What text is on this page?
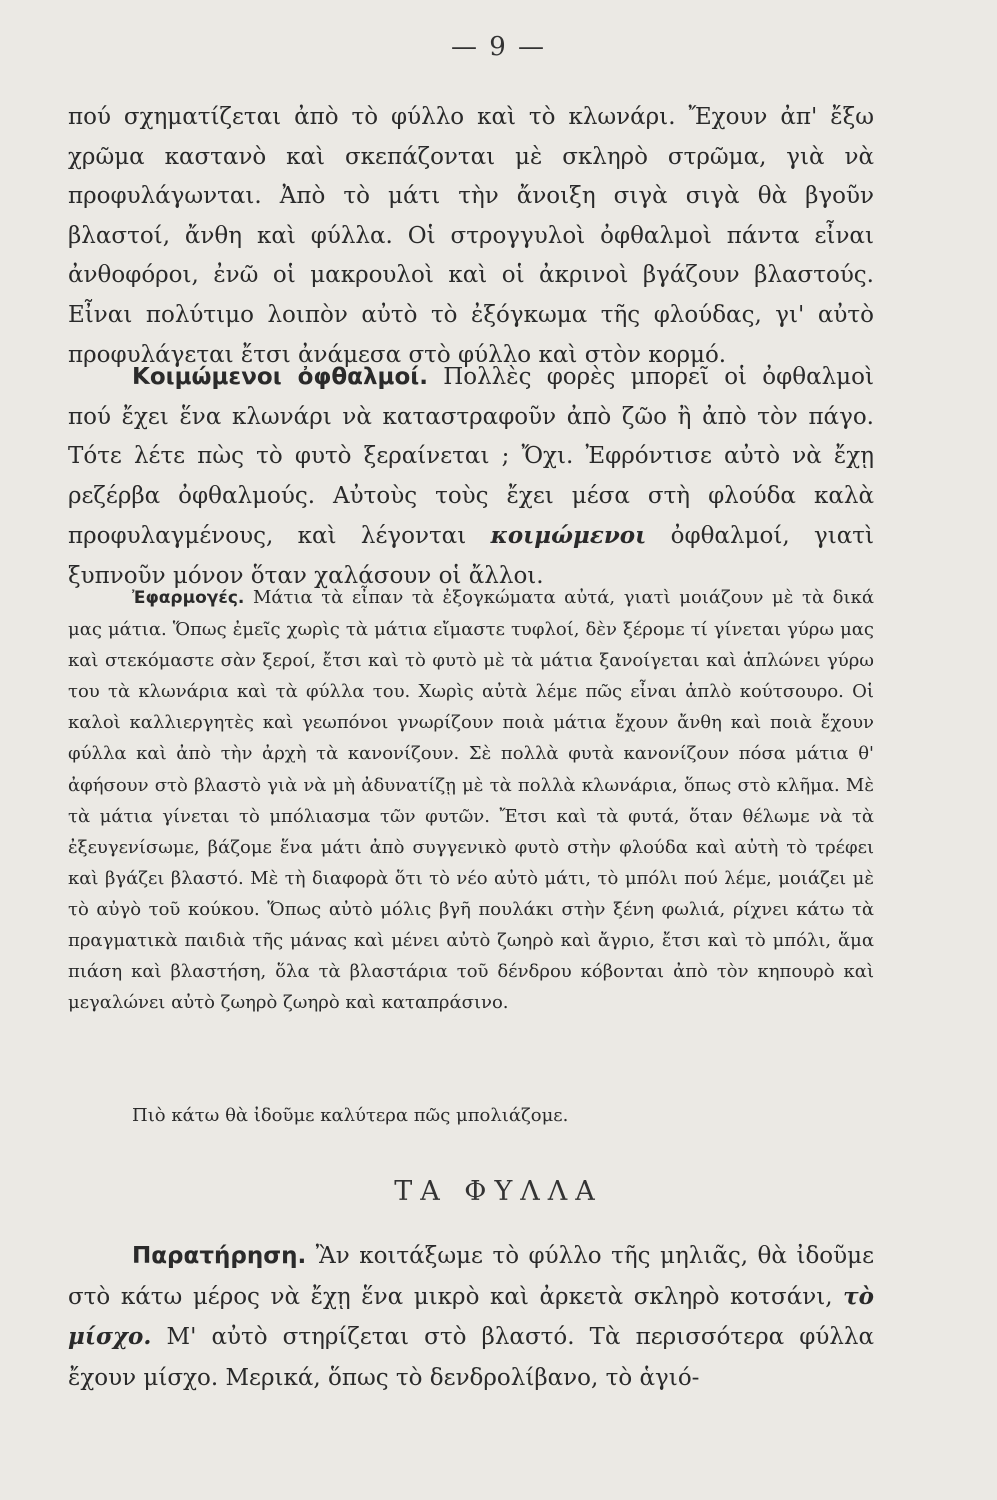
— 9 —
πού σχηματίζεται ἀπὸ τὸ φύλλο καὶ τὸ κλωνάρι. Ἔχουν ἀπ' ἔξω χρῶμα καστανὸ καὶ σκεπάζονται μὲ σκληρὸ στρῶμα, γιὰ νὰ προφυλάγωνται. Ἀπὸ τὸ μάτι τὴν ἄνοιξη σιγὰ σιγὰ θὰ βγοῦν βλαστοί, ἄνθη καὶ φύλλα. Οἱ στρογγυλοὶ ὀφθαλμοὶ πάντα εἶναι ἀνθοφόροι, ἐνῶ οἱ μακρουλοὶ καὶ οἱ ἀκρινοὶ βγάζουν βλαστούς. Εἶναι πολύτιμο λοιπὸν αὐτὸ τὸ ἐξόγκωμα τῆς φλούδας, γι' αὐτὸ προφυλάγεται ἔτσι ἀνάμεσα στὸ φύλλο καὶ στὸν κορμό.
Κοιμώμενοι ὀφθαλμοί. Πολλὲς φορὲς μπορεῖ οἱ ὀφθαλμοὶ πού ἔχει ἕνα κλωνάρι νὰ καταστραφοῦν ἀπὸ ζῶο ἢ ἀπὸ τὸν πάγο. Τότε λέτε πὼς τὸ φυτὸ ξεραίνεται ; Ὄχι. Ἐφρόντισε αὐτὸ νὰ ἔχῃ ρεζέρβα ὀφθαλμούς. Αὐτοὺς τοὺς ἔχει μέσα στὴ φλούδα καλὰ προφυλαγμένους, καὶ λέγονται κοιμώμενοι ὀφθαλμοί, γιατὶ ξυπνοῦν μόνον ὅταν χαλάσουν οἱ ἄλλοι.
Ἐφαρμογές. Μάτια τὰ εἶπαν τὰ ἐξογκώματα αὐτά, γιατὶ μοιάζουν μὲ τὰ δικά μας μάτια. Ὅπως ἐμεῖς χωρὶς τὰ μάτια εἴμαστε τυφλοί, δὲν ξέρομε τί γίνεται γύρω μας καὶ στεκόμαστε σὰν ξεροί, ἔτσι καὶ τὸ φυτὸ μὲ τὰ μάτια ξανοίγεται καὶ ἁπλώνει γύρω του τὰ κλωνάρια καὶ τὰ φύλλα του. Χωρὶς αὐτὰ λέμε πῶς εἶναι ἁπλὸ κούτσουρο. Οἱ καλοὶ καλλιεργητὲς καὶ γεωπόνοι γνωρίζουν ποιὰ μάτια ἔχουν ἄνθη καὶ ποιὰ ἔχουν φύλλα καὶ ἀπὸ τὴν ἀρχὴ τὰ κανονίζουν. Σὲ πολλὰ φυτὰ κανονίζουν πόσα μάτια θ' ἀφήσουν στὸ βλαστὸ γιὰ νὰ μὴ ἀδυνατίζῃ μὲ τὰ πολλὰ κλωνάρια, ὅπως στὸ κλῆμα. Μὲ τὰ μάτια γίνεται τὸ μπόλιασμα τῶν φυτῶν. Ἔτσι καὶ τὰ φυτά, ὅταν θέλωμε νὰ τὰ ἐξευγενίσωμε, βάζομε ἕνα μάτι ἀπὸ συγγενικὸ φυτὸ στὴν φλούδα καὶ αὐτὴ τὸ τρέφει καὶ βγάζει βλαστό. Μὲ τὴ διαφορὰ ὅτι τὸ νέο αὐτὸ μάτι, τὸ μπόλι πού λέμε, μοιάζει μὲ τὸ αὐγὸ τοῦ κούκου. Ὅπως αὐτὸ μόλις βγῆ πουλάκι στὴν ξένη φωλιά, ρίχνει κάτω τὰ πραγματικὰ παιδιὰ τῆς μάνας καὶ μένει αὐτὸ ζωηρὸ καὶ ἄγριο, ἔτσι καὶ τὸ μπόλι, ἅμα πιάση καὶ βλαστήση, ὅλα τὰ βλαστάρια τοῦ δένδρου κόβονται ἀπὸ τὸν κηπουρὸ καὶ μεγαλώνει αὐτὸ ζωηρὸ ζωηρὸ καὶ καταπράσινο.
Πιὸ κάτω θὰ ἰδοῦμε καλύτερα πῶς μπολιάζομε.
ΤΑ ΦΥΛΛΑ
Παρατήρηση. Ἂν κοιτάξωμε τὸ φύλλο τῆς μηλιᾶς, θὰ ἰδοῦμε στὸ κάτω μέρος νὰ ἔχῃ ἕνα μικρὸ καὶ ἀρκετὰ σκληρὸ κοτσάνι, τὸ μίσχο. Μ' αὐτὸ στηρίζεται στὸ βλαστό. Τὰ περισσότερα φύλλα ἔχουν μίσχο. Μερικά, ὅπως τὸ δενδρολίβανο, τὸ ἁγιό-
